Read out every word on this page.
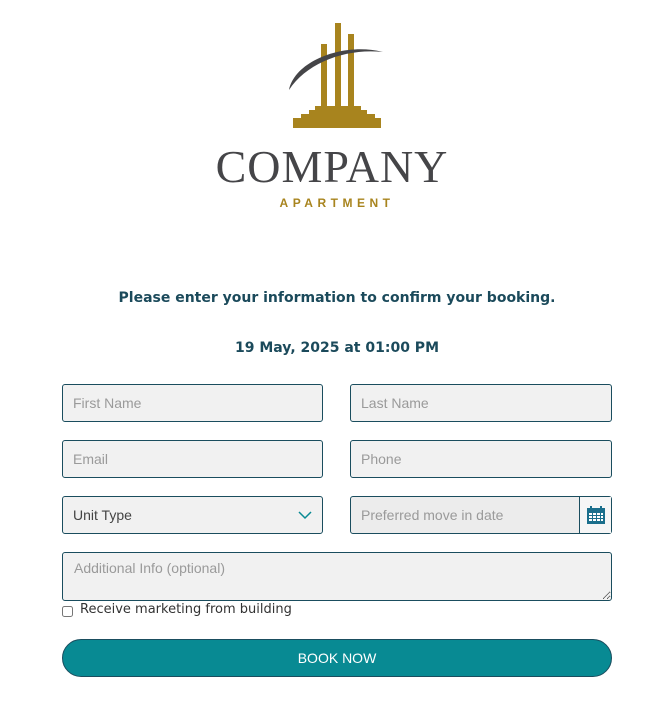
COMPANY
APARTMENT
Please enter your information to confirm your booking.
19 May, 2025 at 01:00 PM
First Name
Last Name
Email
Phone
Unit Type
Preferred move in date
Additional Info (optional)
Receive marketing from building
BOOK NOW
